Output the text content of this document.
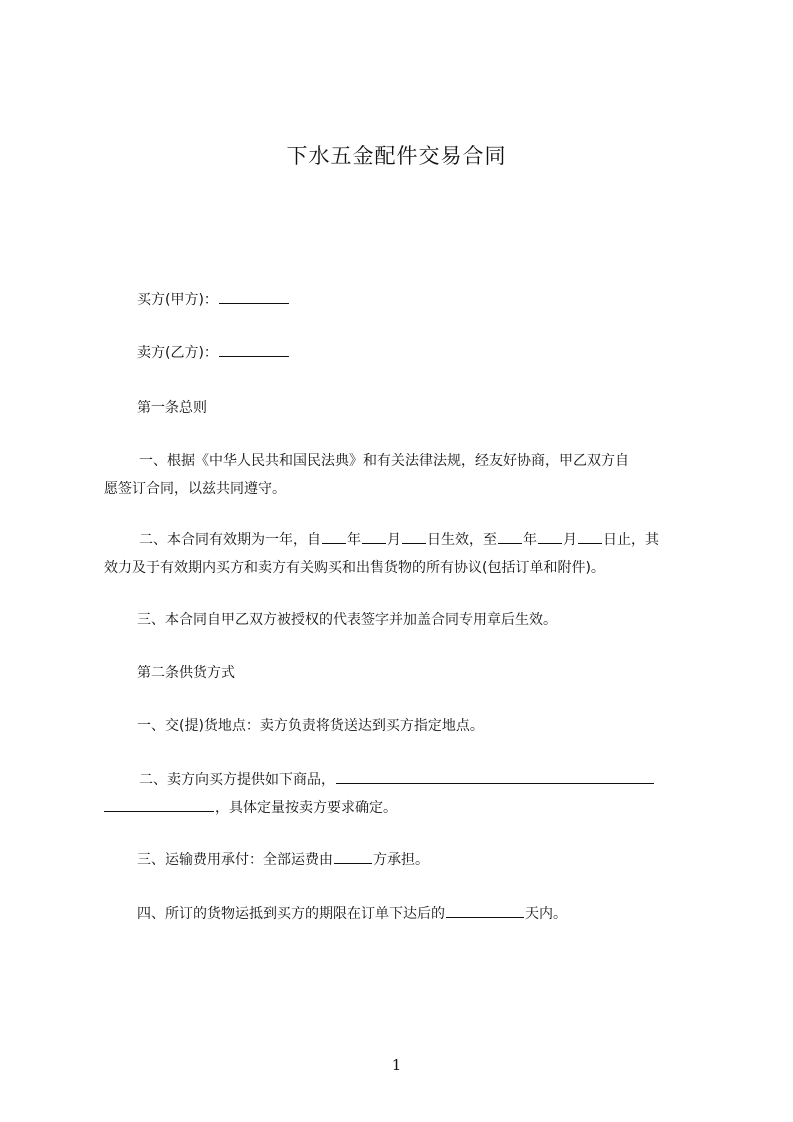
下水五金配件交易合同
买方(甲方)：
卖方(乙方)：
第一条总则
一、根据《中华人民共和国民法典》和有关法律法规，经友好协商，甲乙双方自
愿签订合同，以兹共同遵守。
二、本合同有效期为一年，自 年 月 日生效，至 年 月 日止，其
效力及于有效期内买方和卖方有关购买和出售货物的所有协议(包括订单和附件)。
三、本合同自甲乙双方被授权的代表签字并加盖合同专用章后生效。
第二条供货方式
一、交(提)货地点：卖方负责将货送达到买方指定地点。
二、卖方向买方提供如下商品，
，具体定量按卖方要求确定。
三、运输费用承付：全部运费由	方承担。
四、所订的货物运抵到买方的期限在订单下达后的	天内。
1
